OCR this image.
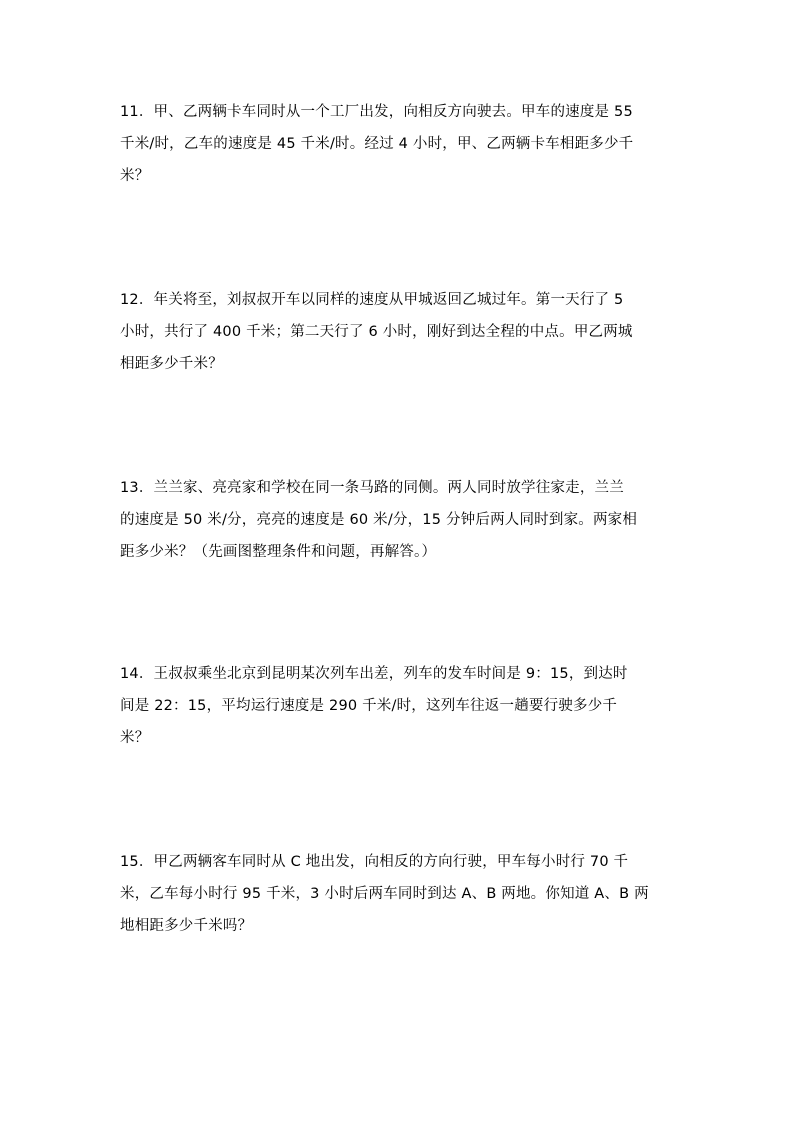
11．甲、乙两辆卡车同时从一个工厂出发，向相反方向驶去。甲车的速度是 55
千米/时，乙车的速度是 45 千米/时。经过 4 小时，甲、乙两辆卡车相距多少千
米？
12．年关将至，刘叔叔开车以同样的速度从甲城返回乙城过年。第一天行了 5
小时，共行了 400 千米；第二天行了 6 小时，刚好到达全程的中点。甲乙两城
相距多少千米？
13．兰兰家、亮亮家和学校在同一条马路的同侧。两人同时放学往家走，兰兰
的速度是 50 米/分，亮亮的速度是 60 米/分，15 分钟后两人同时到家。两家相
距多少米？（先画图整理条件和问题，再解答。）
14．王叔叔乘坐北京到昆明某次列车出差，列车的发车时间是 9：15，到达时
间是 22：15，平均运行速度是 290 千米/时，这列车往返一趟要行驶多少千
米？
15．甲乙两辆客车同时从 C 地出发，向相反的方向行驶，甲车每小时行 70 千
米，乙车每小时行 95 千米，3 小时后两车同时到达 A、B 两地。你知道 A、B 两
地相距多少千米吗？
